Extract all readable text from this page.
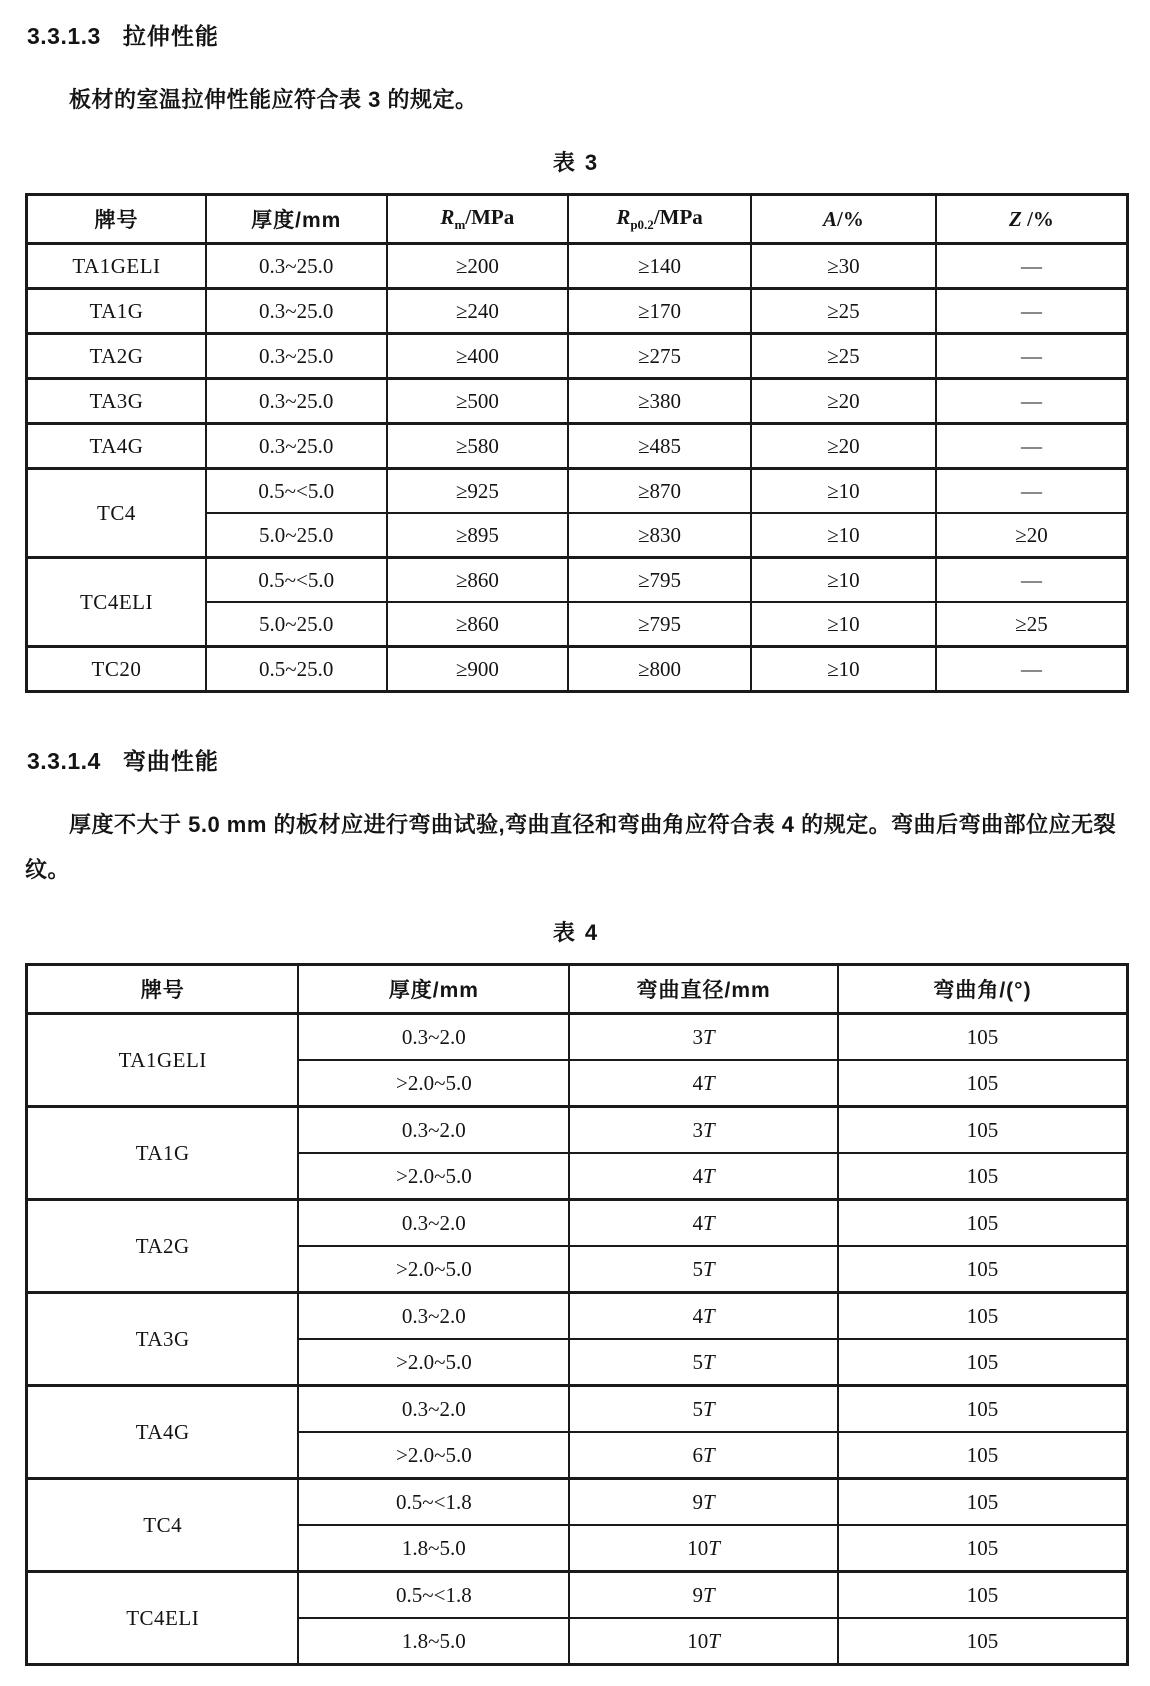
3.3.1.3 拉伸性能

板材的室温拉伸性能应符合表 3 的规定。

表 3
牌号	厚度/mm	$R_m$/MPa	$R_{p0.2}$/MPa	A/%	Z /%
TA1GELI	0.3~25.0	≥200	≥140	≥30	—
TA1G	0.3~25.0	≥240	≥170	≥25	—
TA2G	0.3~25.0	≥400	≥275	≥25	—
TA3G	0.3~25.0	≥500	≥380	≥20	—
TA4G	0.3~25.0	≥580	≥485	≥20	—
TC4	0.5~<5.0	≥925	≥870	≥10	—
	5.0~25.0	≥895	≥830	≥10	≥20
TC4ELI	0.5~<5.0	≥860	≥795	≥10	—
	5.0~25.0	≥860	≥795	≥10	≥25
TC20	0.5~25.0	≥900	≥800	≥10	—
3.3.1.4 弯曲性能

厚度不大于 5.0 mm 的板材应进行弯曲试验,弯曲直径和弯曲角应符合表 4 的规定。弯曲后弯曲部位应无裂纹。

表 4
牌号	厚度/mm	弯曲直径/mm	弯曲角/(°)
TA1GELI	0.3~2.0	3T	105
	>2.0~5.0	4T	105
TA1G	0.3~2.0	3T	105
	>2.0~5.0	4T	105
TA2G	0.3~2.0	4T	105
	>2.0~5.0	5T	105
TA3G	0.3~2.0	4T	105
	>2.0~5.0	5T	105
TA4G	0.3~2.0	5T	105
	>2.0~5.0	6T	105
TC4	0.5~<1.8	9T	105
	1.8~5.0	10T	105
TC4ELI	0.5~<1.8	9T	105
	1.8~5.0	10T	105
